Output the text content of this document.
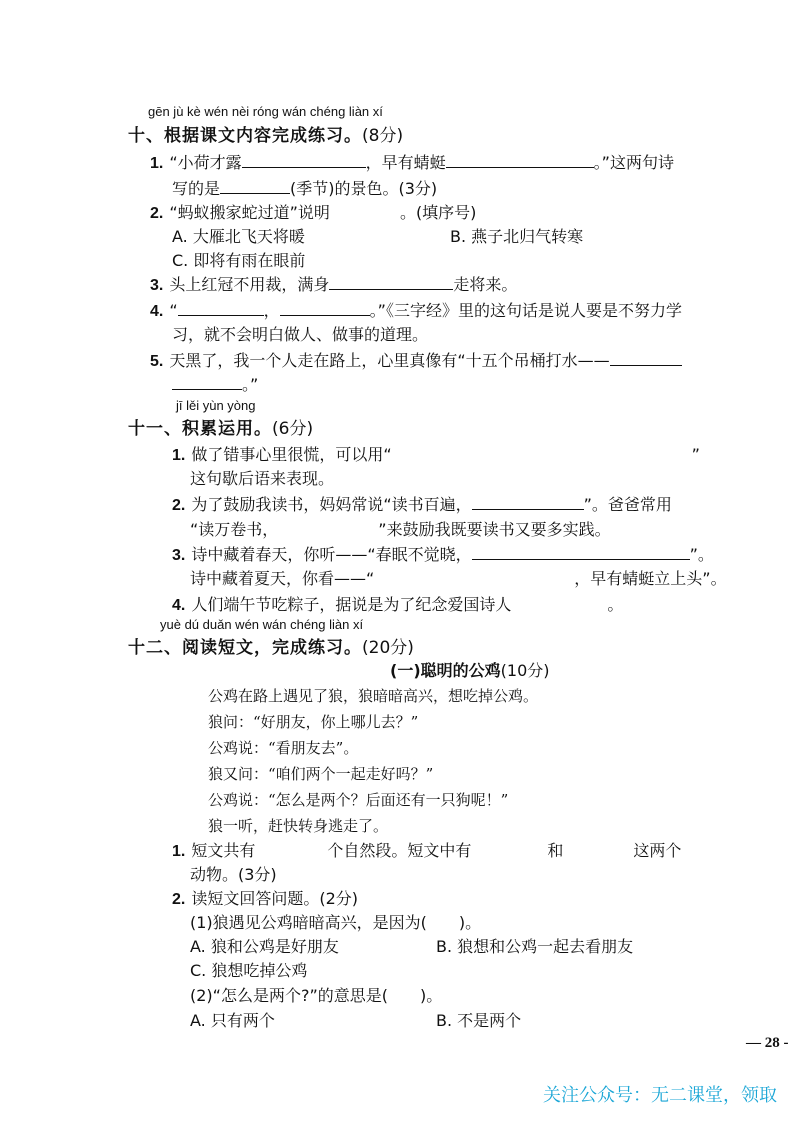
gēn jù kè wén nèi róng wán chéng liàn xí
十、根据课文内容完成练习。(8分)
1. “小荷才露	，早有蜻蜓	。”这两句诗
写的是	(季节)的景色。(3分)
2. “蚂蚁搬家蛇过道”说明	。(填序号)
A. 大雁北飞天将暖	B. 燕子北归气转寒
C. 即将有雨在眼前
3. 头上红冠不用裁，满身	走将来。
4. “	，	。”《三字经》里的这句话是说人要是不努力学
习，就不会明白做人、做事的道理。
5. 天黑了，我一个人走在路上，心里真像有“十五个吊桶打水——
。”
jī lěi yùn yòng
十一、积累运用。(6分)
1. 做了错事心里很慌，可以用“	”
这句歇后语来表现。
2. 为了鼓励我读书，妈妈常说“读书百遍，	”。爸爸常用
“读万卷书，	”来鼓励我既要读书又要多实践。
3. 诗中藏着春天，你听——“春眠不觉晓，	”。
诗中藏着夏天，你看——“	，早有蜻蜓立上头”。
4. 人们端午节吃粽子，据说是为了纪念爱国诗人	。
yuè dú duǎn wén wán chéng liàn xí
十二、阅读短文，完成练习。(20分)
(一)聪明的公鸡(10分)
公鸡在路上遇见了狼，狼暗暗高兴，想吃掉公鸡。
狼问：“好朋友，你上哪儿去？”
公鸡说：“看朋友去”。
狼又问：“咱们两个一起走好吗？”
公鸡说：“怎么是两个？后面还有一只狗呢！”
狼一听，赶快转身逃走了。
1. 短文共有	个自然段。短文中有	和	这两个
动物。(3分)
2. 读短文回答问题。(2分)
(1)狼遇见公鸡暗暗高兴，是因为(　　)。
A. 狼和公鸡是好朋友	B. 狼想和公鸡一起去看朋友
C. 狼想吃掉公鸡
(2)“怎么是两个?”的意思是(　　)。
A. 只有两个	B. 不是两个
— 28 -
关注公众号：无二课堂，领取
